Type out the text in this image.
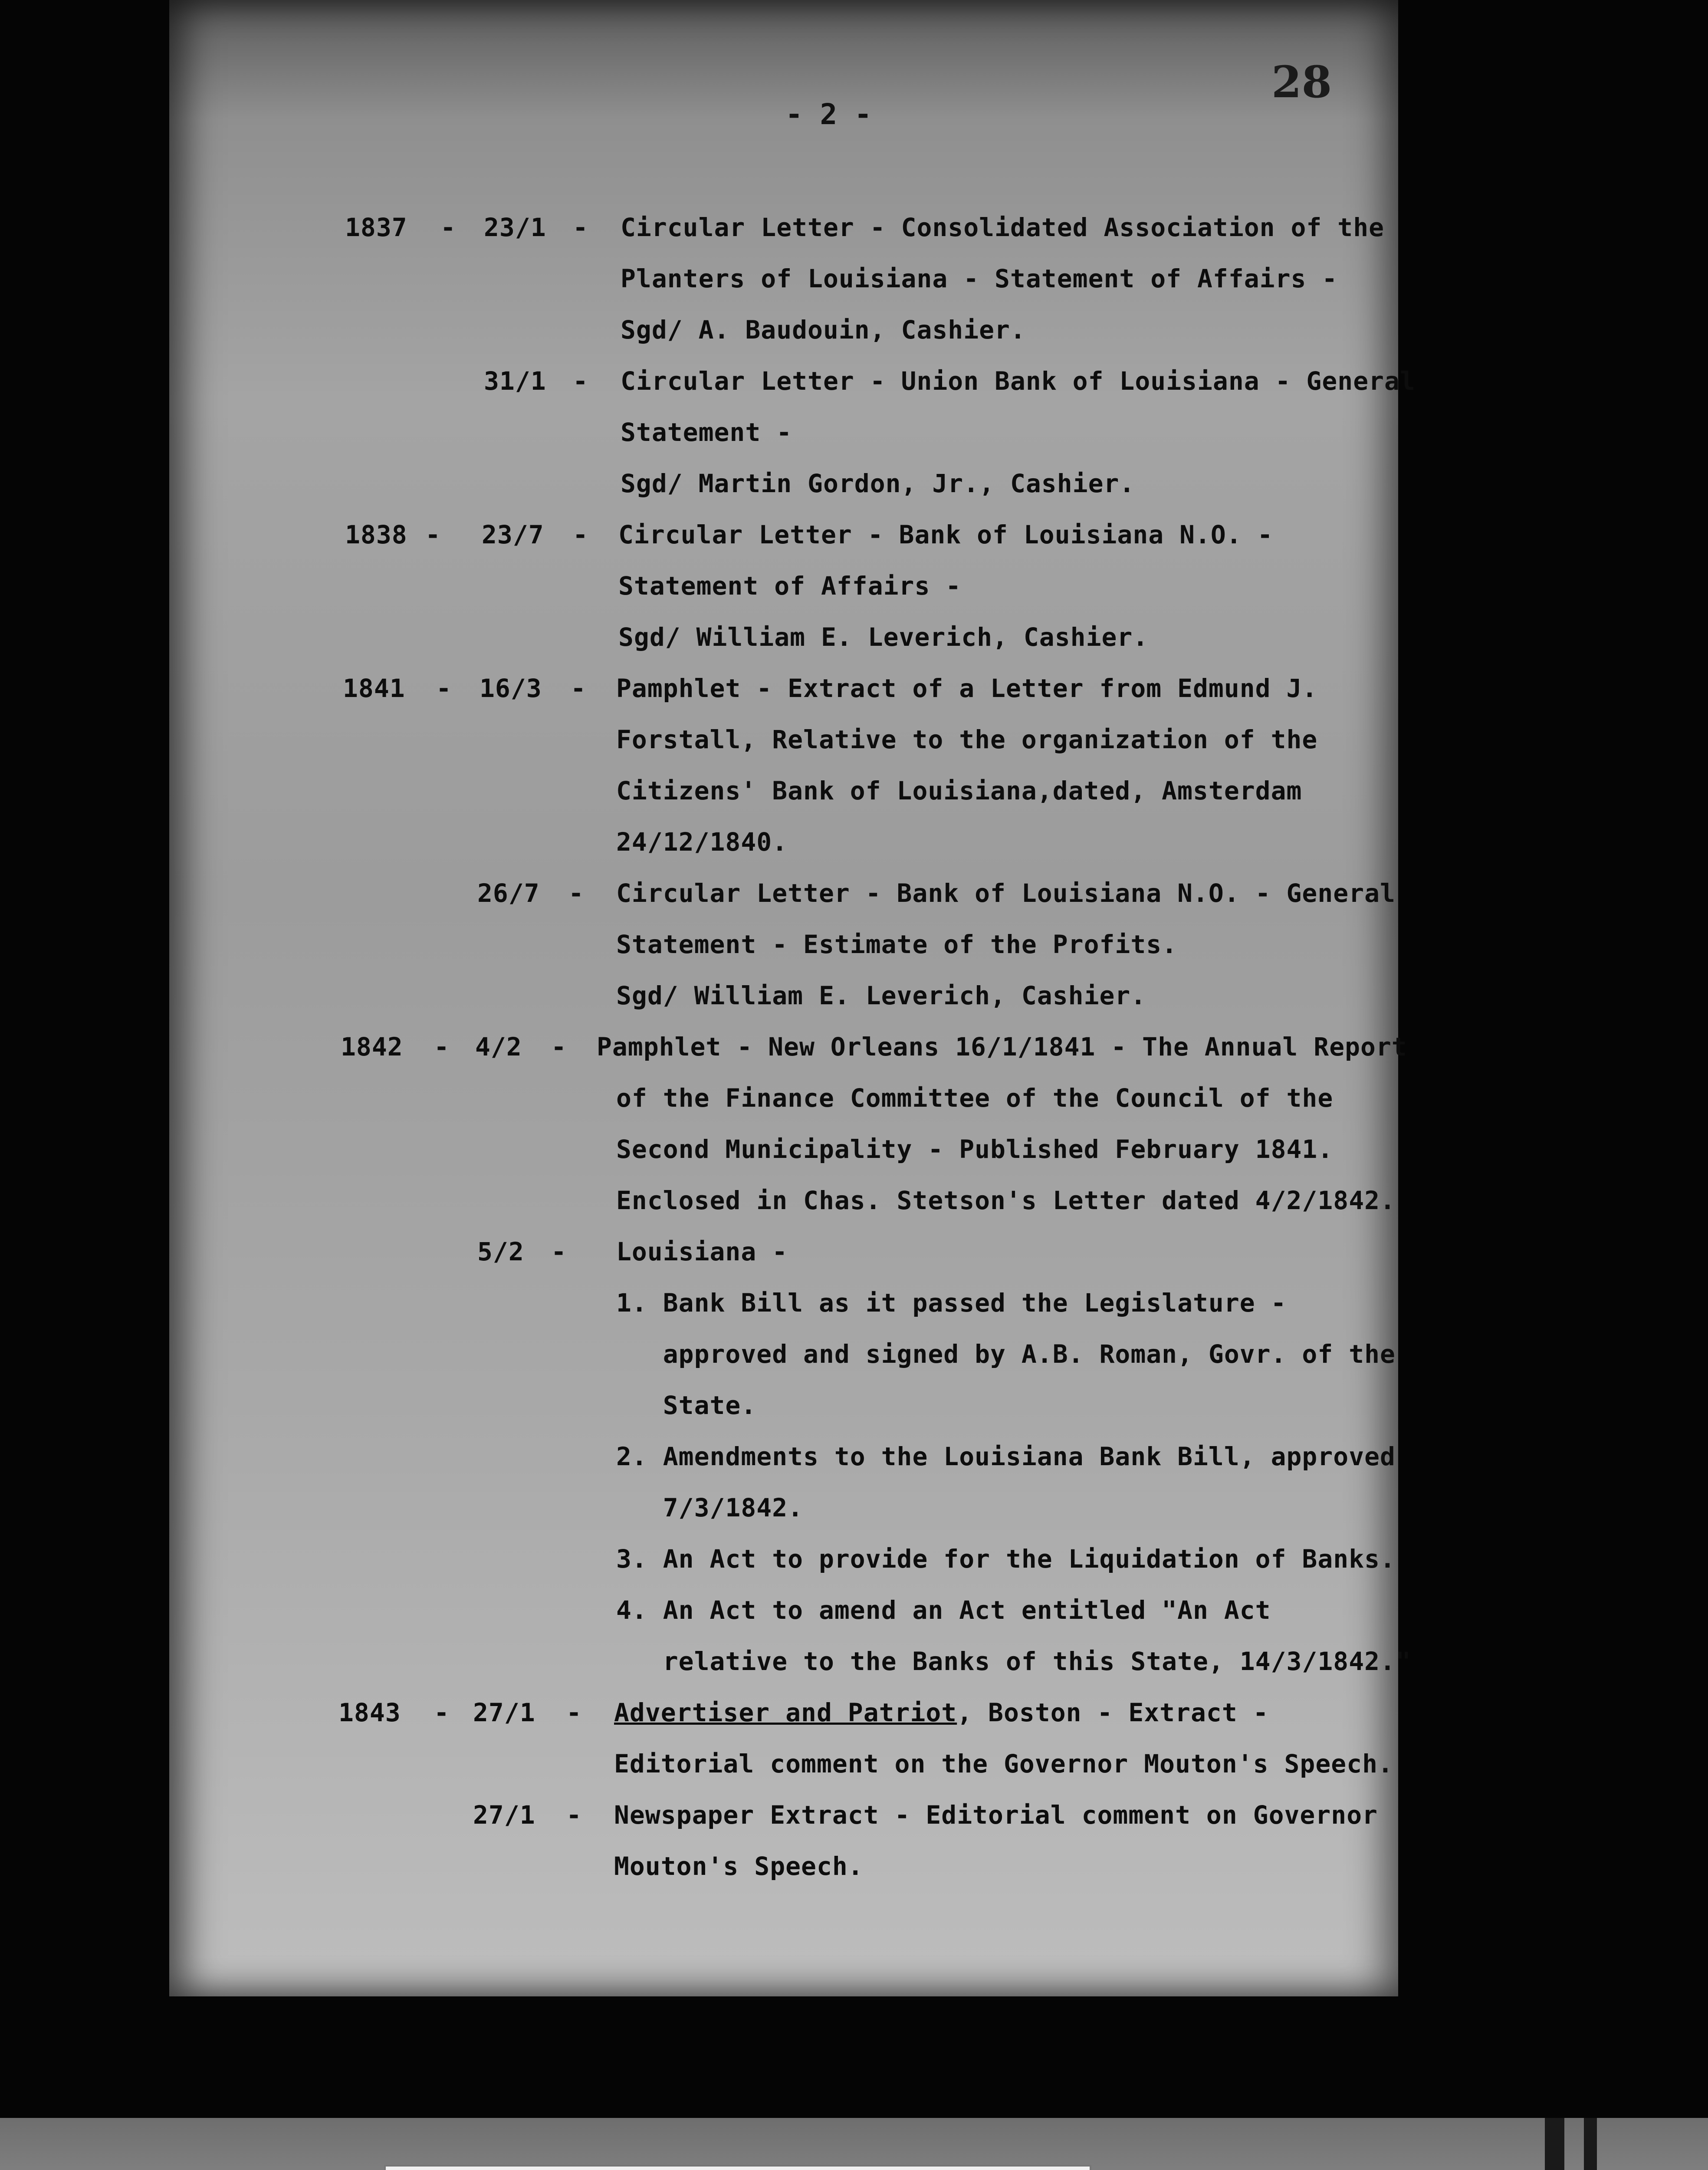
28
- 2 -
1837 - 23/1 - Circular Letter - Consolidated Association of the
Planters of Louisiana - Statement of Affairs -
Sgd/ A. Baudouin, Cashier.
31/1 - Circular Letter - Union Bank of Louisiana - General
Statement -
Sgd/ Martin Gordon, Jr., Cashier.
1838 - 23/7 - Circular Letter - Bank of Louisiana N.O. -
Statement of Affairs -
Sgd/ William E. Leverich, Cashier.
1841 - 16/3 - Pamphlet - Extract of a Letter from Edmund J.
Forstall, Relative to the organization of the
Citizens' Bank of Louisiana,dated, Amsterdam
24/12/1840.
26/7 - Circular Letter - Bank of Louisiana N.O. - General
Statement - Estimate of the Profits.
Sgd/ William E. Leverich, Cashier.
1842 - 4/2 - Pamphlet - New Orleans 16/1/1841 - The Annual Report
of the Finance Committee of the Council of the
Second Municipality - Published February 1841.
Enclosed in Chas. Stetson's Letter dated 4/2/1842.
5/2 - Louisiana -
1. Bank Bill as it passed the Legislature -
approved and signed by A.B. Roman, Govr. of the
State.
2. Amendments to the Louisiana Bank Bill, approved
7/3/1842.
3. An Act to provide for the Liquidation of Banks.
4. An Act to amend an Act entitled "An Act
relative to the Banks of this State, 14/3/1842."
1843 - 27/1 - Advertiser and Patriot, Boston - Extract -
Editorial comment on the Governor Mouton's Speech.
27/1 - Newspaper Extract - Editorial comment on Governor
Mouton's Speech.
